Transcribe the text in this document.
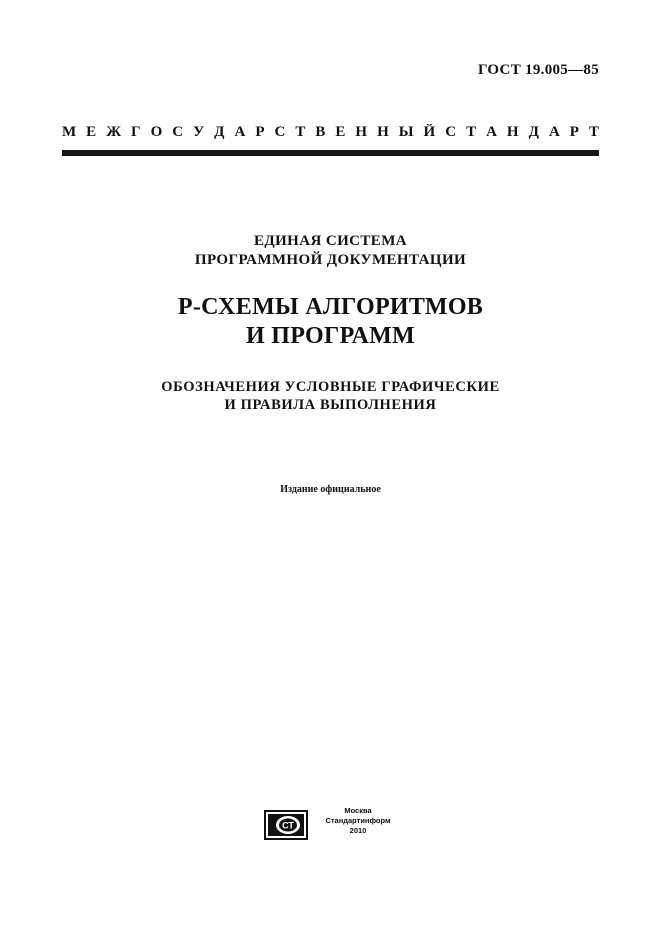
ГОСТ 19.005—85
М Е Ж Г О С У Д А Р С Т В Е Н Н Ы Й С Т А Н Д А Р Т
ЕДИНАЯ СИСТЕМА
ПРОГРАММНОЙ ДОКУМЕНТАЦИИ
Р-СХЕМЫ АЛГОРИТМОВ
И ПРОГРАММ
ОБОЗНАЧЕНИЯ УСЛОВНЫЕ ГРАФИЧЕСКИЕ
И ПРАВИЛА ВЫПОЛНЕНИЯ
Издание официальное
СТ
Москва
Стандартинформ
2010
